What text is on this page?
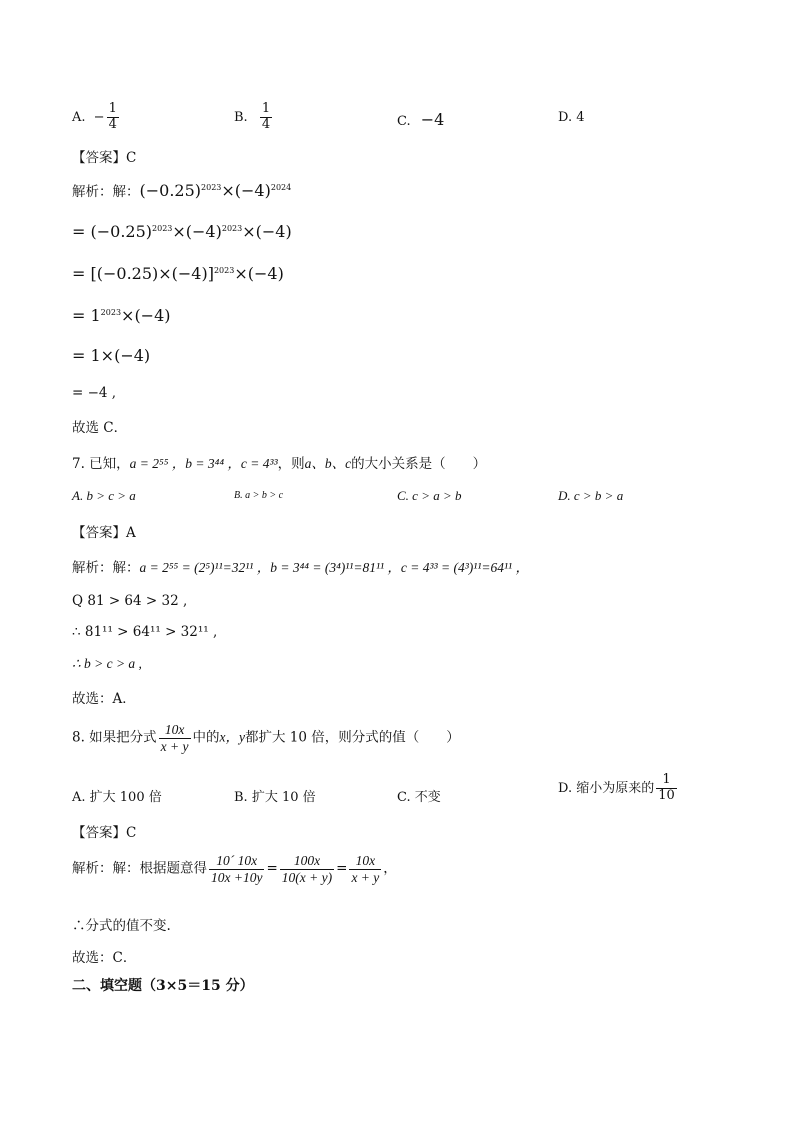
A. − $\frac{1}{4}$	B. $\frac{1}{4}$	C. −4	D. 4
【答案】C
解析：解：$(-0.25)^{2023}\times(-4)^{2024}$
= $(-0.25)^{2023}\times(-4)^{2023}\times(-4)$
= $[(-0.25)\times(-4)]^{2023}\times(-4)$
= $1^{2023}\times(-4)$
= 1×(−4)
= −4 ,
故选 C．
7. 已知，a = 2⁵⁵ ，b = 3⁴⁴ ，c = 4³³，则a、b、c的大小关系是（　　）
A. b > c > a	B. a > b > c	C. c > a > b	D. c > b > a
【答案】A
解析：解：a = 2⁵⁵ = (2⁵)¹¹=32¹¹ ，b = 3⁴⁴ = (3⁴)¹¹=81¹¹ ，c = 4³³ = (4³)¹¹=64¹¹ ，
Q 81 > 64 > 32 ,
∴ 81¹¹ > 64¹¹ > 32¹¹ ,
∴ b > c > a ,
故选：A．
8. 如果把分式 $\frac{10x}{x + y}$ 中的x，y都扩大 10 倍，则分式的值（　　）
A. 扩大 100 倍	B. 扩大 10 倍	C. 不变
D. 缩小为原来的 $\frac{1}{10}$
【答案】C
解析：解：根据题意得 $\frac{10´ 10x}{10x +10y} = \frac{100x}{10(x + y)} = \frac{10x}{x + y}$ ，
∴分式的值不变.
故选：C．
二、填空题（3×5＝15 分）
